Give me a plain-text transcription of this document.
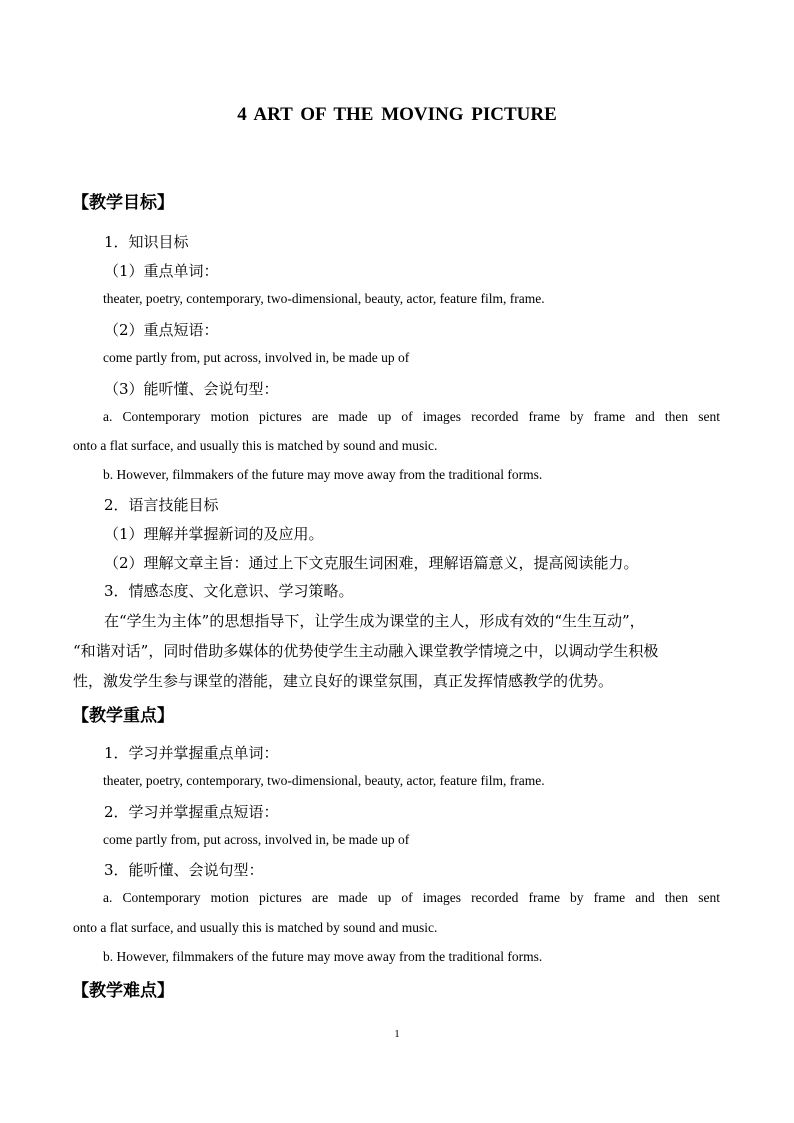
4 ART OF THE MOVING PICTURE
【教学目标】
1．知识目标
（1）重点单词：
theater, poetry, contemporary, two-dimensional, beauty, actor, feature film, frame.
（2）重点短语：
come partly from, put across, involved in, be made up of
（3）能听懂、会说句型：
a. Contemporary motion pictures are made up of images recorded frame by frame and then sent
onto a flat surface, and usually this is matched by sound and music.
b. However, filmmakers of the future may move away from the traditional forms.
2．语言技能目标
（1）理解并掌握新词的及应用。
（2）理解文章主旨：通过上下文克服生词困难，理解语篇意义，提高阅读能力。
3．情感态度、文化意识、学习策略。
在“学生为主体”的思想指导下，让学生成为课堂的主人，形成有效的“生生互动”，
“和谐对话”，同时借助多媒体的优势使学生主动融入课堂教学情境之中，以调动学生积极
性，激发学生参与课堂的潜能，建立良好的课堂氛围，真正发挥情感教学的优势。
【教学重点】
1．学习并掌握重点单词：
theater, poetry, contemporary, two-dimensional, beauty, actor, feature film, frame.
2．学习并掌握重点短语：
come partly from, put across, involved in, be made up of
3．能听懂、会说句型：
a. Contemporary motion pictures are made up of images recorded frame by frame and then sent
onto a flat surface, and usually this is matched by sound and music.
b. However, filmmakers of the future may move away from the traditional forms.
【教学难点】
1
